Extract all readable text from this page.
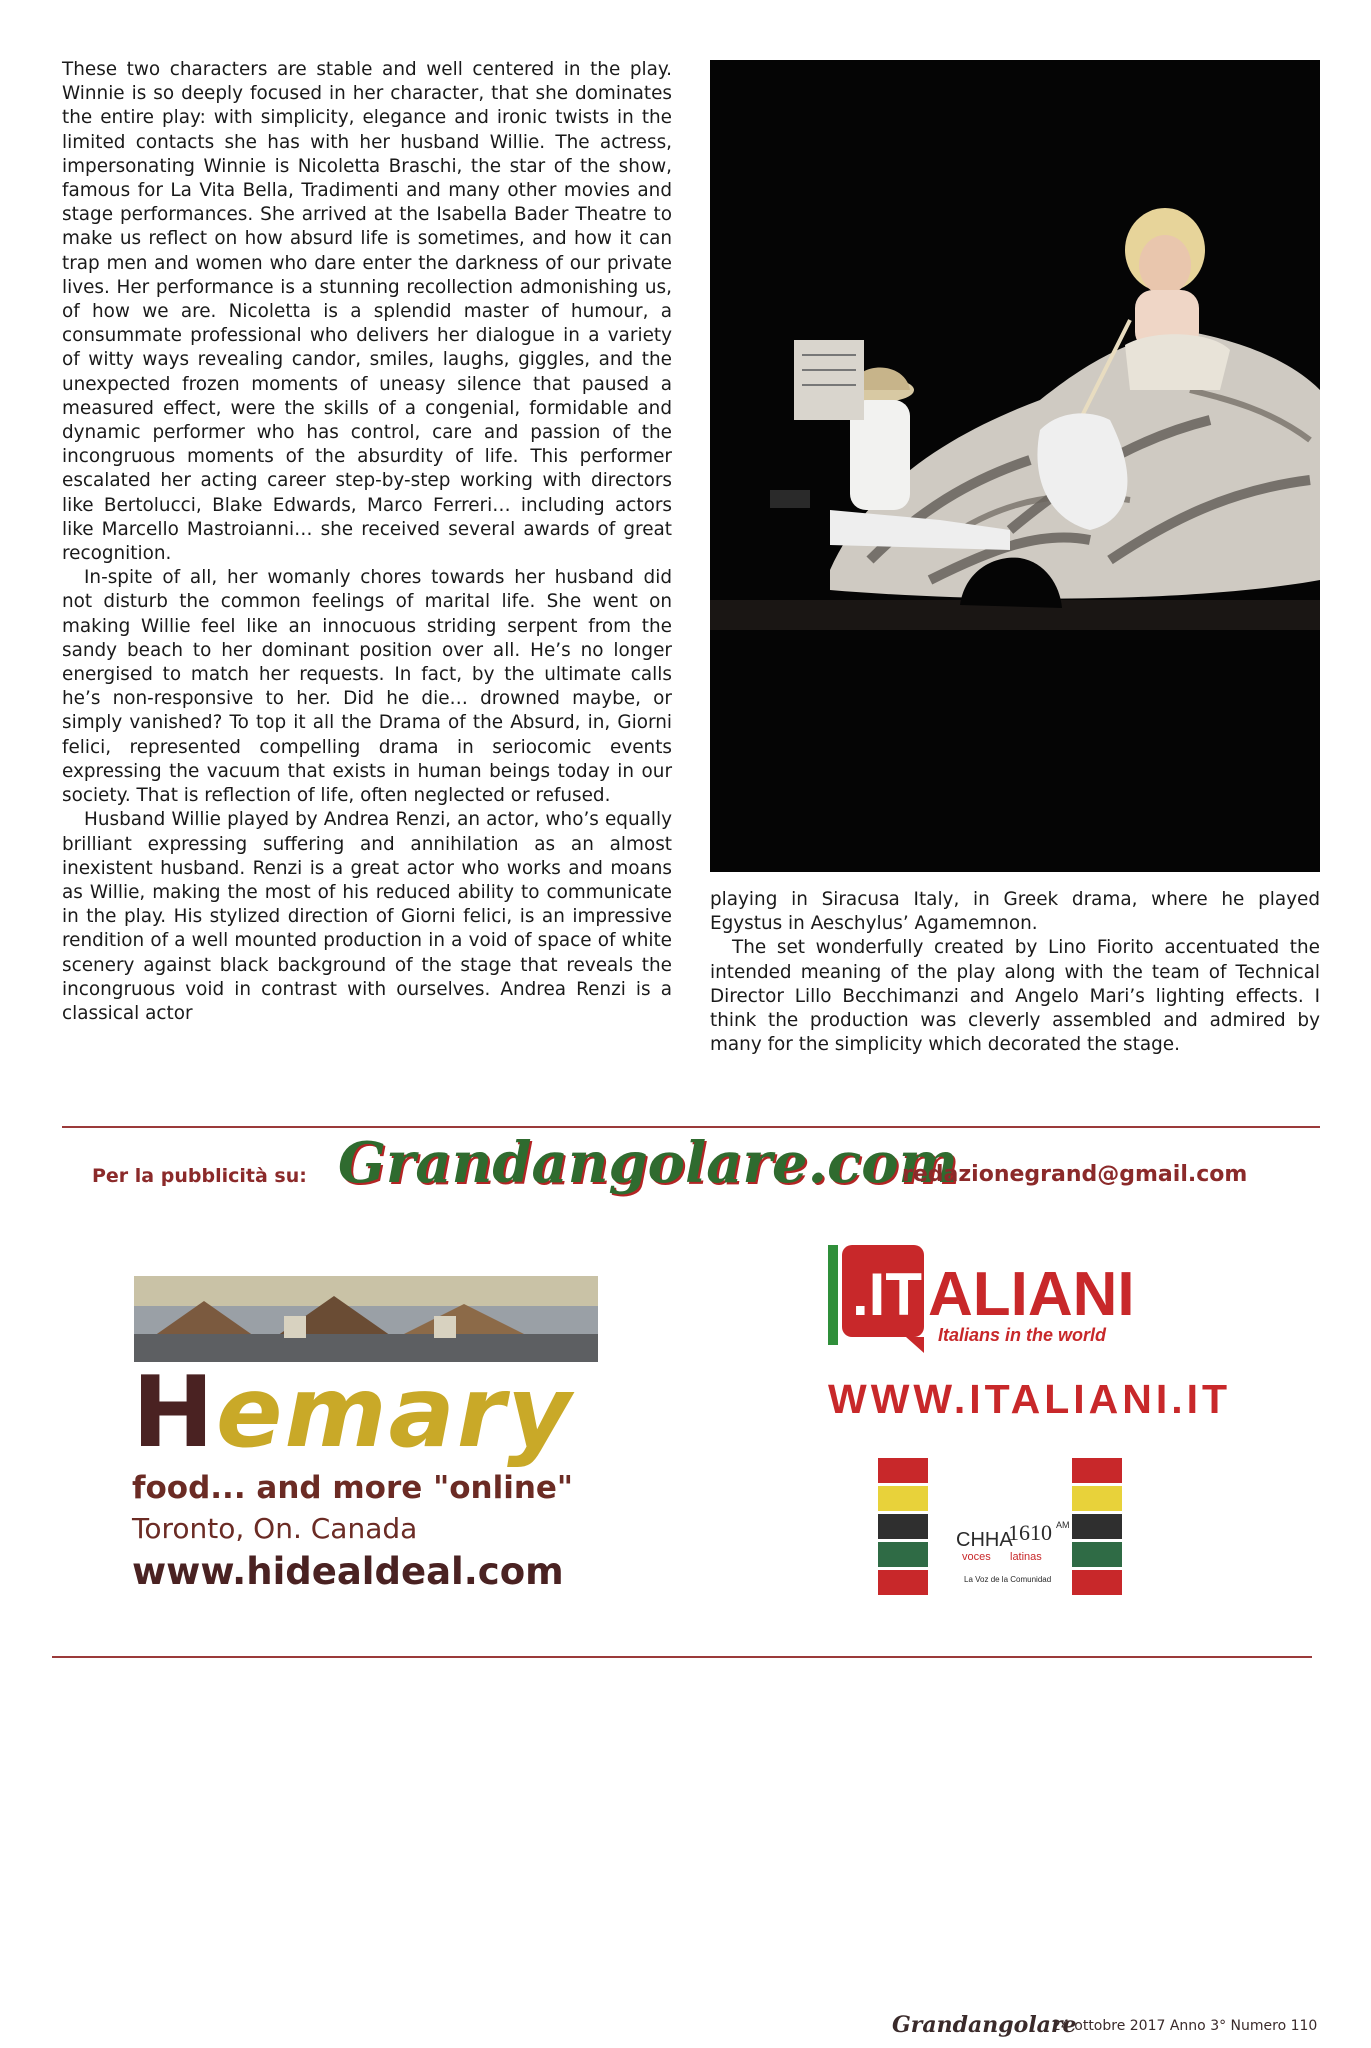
These two characters are stable and well centered in the play. Winnie is so deeply focused in her character, that she dominates the entire play: with simplicity, elegance and ironic twists in the limited contacts she has with her husband Willie. The actress, impersonating Winnie is Nicoletta Braschi, the star of the show, famous for La Vita Bella, Tradimenti and many other movies and stage performances. She arrived at the Isabella Bader Theatre to make us reflect on how absurd life is sometimes, and how it can trap men and women who dare enter the darkness of our private lives. Her performance is a stunning recollection admonishing us, of how we are. Nicoletta is a splendid master of humour, a consummate professional who delivers her dialogue in a variety of witty ways revealing candor, smiles, laughs, giggles, and the unexpected frozen moments of uneasy silence that paused a measured effect, were the skills of a congenial, formidable and dynamic performer who has control, care and passion of the incongruous moments of the absurdity of life. This performer escalated her acting career step-by-step working with directors like Bertolucci, Blake Edwards, Marco Ferreri… including actors like Marcello Mastroianni… she received several awards of great recognition.

In-spite of all, her womanly chores towards her husband did not disturb the common feelings of marital life. She went on making Willie feel like an innocuous striding serpent from the sandy beach to her dominant position over all. He’s no longer energised to match her requests. In fact, by the ultimate calls he’s non-responsive to her. Did he die… drowned maybe, or simply vanished? To top it all the Drama of the Absurd, in, Giorni felici, represented compelling drama in seriocomic events expressing the vacuum that exists in human beings today in our society. That is reflection of life, often neglected or refused.

Husband Willie played by Andrea Renzi, an actor, who’s equally brilliant expressing suffering and annihilation as an almost inexistent husband. Renzi is a great actor who works and moans as Willie, making the most of his reduced ability to communicate in the play. His stylized direction of Giorni felici, is an impressive rendition of a well mounted production in a void of space of white scenery against black background of the stage that reveals the incongruous void in contrast with ourselves. Andrea Renzi is a classical actor

playing in Siracusa Italy, in Greek drama, where he played Egystus in Aeschylus’ Agamemnon.

The set wonderfully created by Lino Fiorito accentuated the intended meaning of the play along with the team of Technical Director Lillo Becchimanzi and Angelo Mari’s lighting effects. I think the production was cleverly assembled and admired by many for the simplicity which decorated the stage.

Per la pubblicità su: Grandangolare.com
redazionegrand@gmail.com
Hemary
food... and more "online"
Toronto, On. Canada
www.hidealdeal.com
.IT ALIANI
Italians in the world
WWW.ITALIANI.IT
CHHA
1610 AM
voces latinas
La Voz de la Comunidad
Grandangolare
24 ottobre 2017 Anno 3° Numero 110
